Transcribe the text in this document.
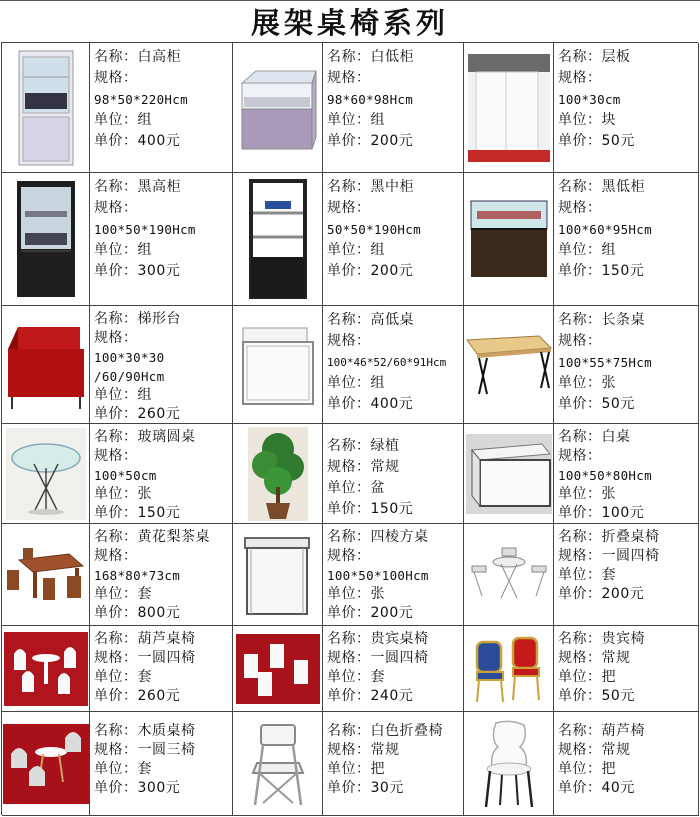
展架桌椅系列
名称：白高柜
规格：
98*50*220Hcm
单位：组
单价：400元
名称：白低柜
规格：
98*60*98Hcm
单位：组
单价：200元
名称：层板
规格：
100*30cm
单位：块
单价：50元
名称：黑高柜
规格：
100*50*190Hcm
单位：组
单价：300元
名称：黑中柜
规格：
50*50*190Hcm
单位：组
单价：200元
名称：黑低柜
规格：
100*60*95Hcm
单位：组
单价：150元
名称：梯形台
规格：
100*30*30
/60/90Hcm
单位：组
单价：260元
名称：高低桌
规格：
100*46*52/60*91Hcm
单位：组
单价：400元
名称：长条桌
规格：
100*55*75Hcm
单位：张
单价：50元
名称：玻璃圆桌
规格：
100*50cm
单位：张
单价：150元
名称：绿植
规格：常规
单位：盆
单价：150元
名称：白桌
规格：
100*50*80Hcm
单位：张
单价：100元
名称：黄花梨茶桌
规格：
168*80*73cm
单位：套
单价：800元
名称：四棱方桌
规格：
100*50*100Hcm
单位：张
单价：200元
名称：折叠桌椅
规格：一圆四椅
单位：套
单价：200元
名称：葫芦桌椅
规格：一圆四椅
单位：套
单价：260元
名称：贵宾桌椅
规格：一圆四椅
单位：套
单价：240元
名称：贵宾椅
规格：常规
单位：把
单价：50元
名称：木质桌椅
规格：一圆三椅
单位：套
单价：300元
名称：白色折叠椅
规格：常规
单位：把
单价：30元
名称：葫芦椅
规格：常规
单位：把
单价：40元
